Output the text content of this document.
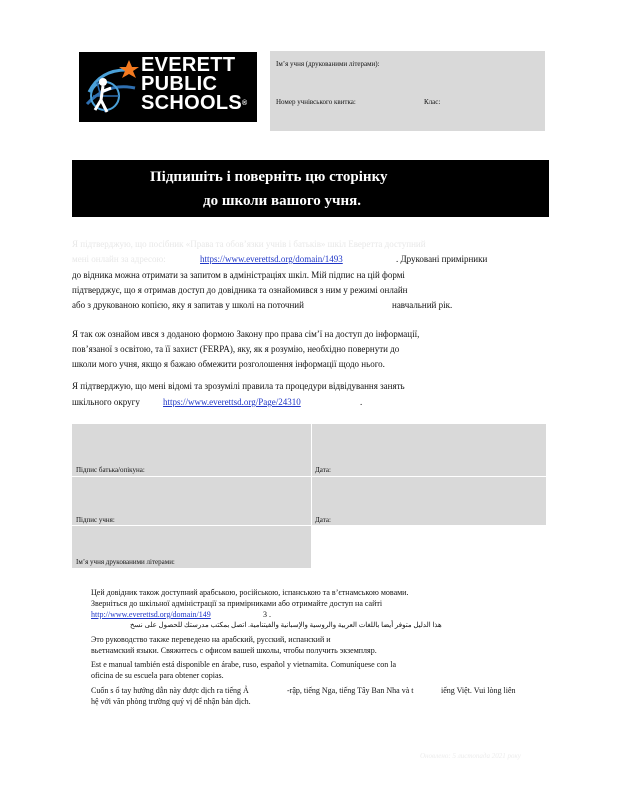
EVERETT
PUBLIC
SCHOOLS®
Ім’я учня (друкованими літерами):
Номер учнівського квитка:	Клас:
Підпишіть і поверніть цю сторінку
до школи вашого учня.
Я підтверджую, що посібник «Права та обов’язки учнів і батьків» шкіл Еверетта доступний
мені онлайн за адресою:	https://www.everettsd.org/domain/1493	. Друковані примірники
до відника можна отримати за запитом в адміністраціях шкіл. Мій підпис на цій формі
підтверджує, що я отримав доступ до довідника та ознайомився з ним у режимі онлайн
або з друкованою копією, яку я запитав у школі на поточний	навчальний рік.
Я так ож ознайом ився з доданою формою Закону про права сім’ї на доступ до інформації,
пов’язаної з освітою, та її захист (FERPA), яку, як я розумію, необхідно повернути до
школи мого учня, якщо я бажаю обмежити розголошення інформації щодо нього.
Я підтверджую, що мені відомі та зрозумілі правила та процедури відвідування занять
шкільного округу	https://www.everettsd.org/Page/24310	.
Підпис батька/опікуна:	Дата:
Підпис учня:	Дата:
Ім’я учня друкованими літерами:
Цей довідник також доступний арабською, російською, іспанською та в’єтнамською мовами.
Зверніться до шкільної адміністрації за примірниками або отримайте доступ на сайті
http://www.everettsd.org/domain/149	3 .
هذا الدليل متوفر أيضا باللغات العربية والروسية والإسبانية والفيتنامية. اتصل بمكتب مدرستك للحصول على نسخ
Это руководство также переведено на арабский, русский, испанский и
вьетнамский языки. Свяжитесь с офисом вашей школы, чтобы получить экземпляр.
Est e manual también está disponible en árabe, ruso, español y vietnamita. Comuníquese con la
oficina de su escuela para obtener copias.
Cuốn s ổ tay hướng dẫn này được dịch ra tiếng Ả	-rập, tiếng Nga, tiếng Tây Ban Nha và t	iếng Việt. Vui lòng liên
hệ với văn phòng trường quý vị để nhận bản dịch.
Оновлено: 5 листопада 2021 року
